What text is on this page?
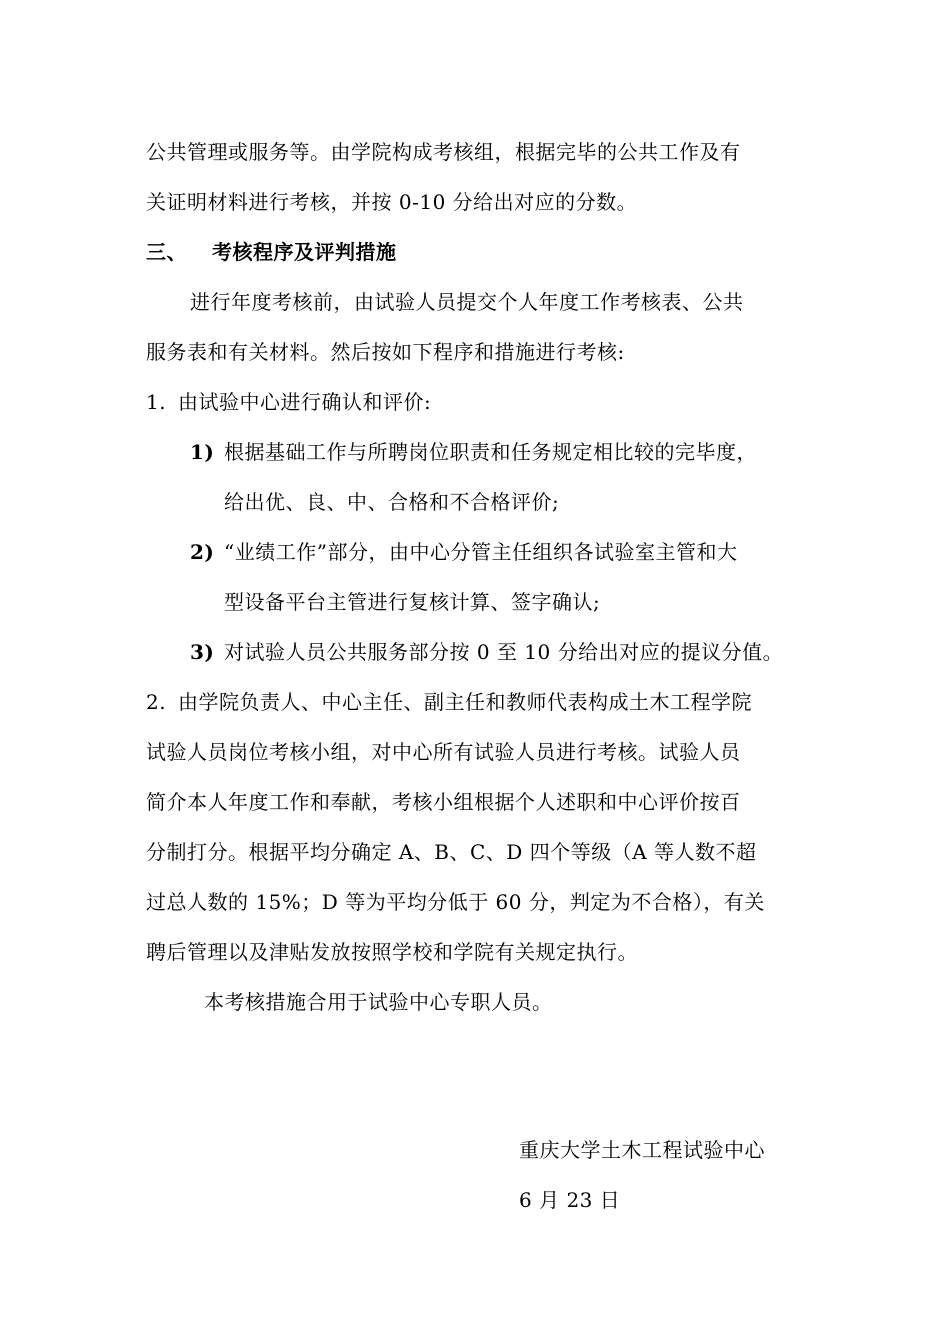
公共管理或服务等。由学院构成考核组，根据完毕的公共工作及有
关证明材料进行考核，并按 0-10 分给出对应的分数。
三、 考核程序及评判措施
进行年度考核前，由试验人员提交个人年度工作考核表、公共
服务表和有关材料。然后按如下程序和措施进行考核:
1. 由试验中心进行确认和评价:
1) 根据基础工作与所聘岗位职责和任务规定相比较的完毕度，
给出优、良、中、合格和不合格评价;
2) “业绩工作”部分，由中心分管主任组织各试验室主管和大
型设备平台主管进行复核计算、签字确认;
3) 对试验人员公共服务部分按 0 至 10 分给出对应的提议分值。
2. 由学院负责人、中心主任、副主任和教师代表构成土木工程学院
试验人员岗位考核小组，对中心所有试验人员进行考核。试验人员
简介本人年度工作和奉献，考核小组根据个人述职和中心评价按百
分制打分。根据平均分确定 A、B、C、D 四个等级（A 等人数不超
过总人数的 15%；D 等为平均分低于 60 分，判定为不合格），有关
聘后管理以及津贴发放按照学校和学院有关规定执行。
本考核措施合用于试验中心专职人员。
重庆大学土木工程试验中心
6 月 23 日
